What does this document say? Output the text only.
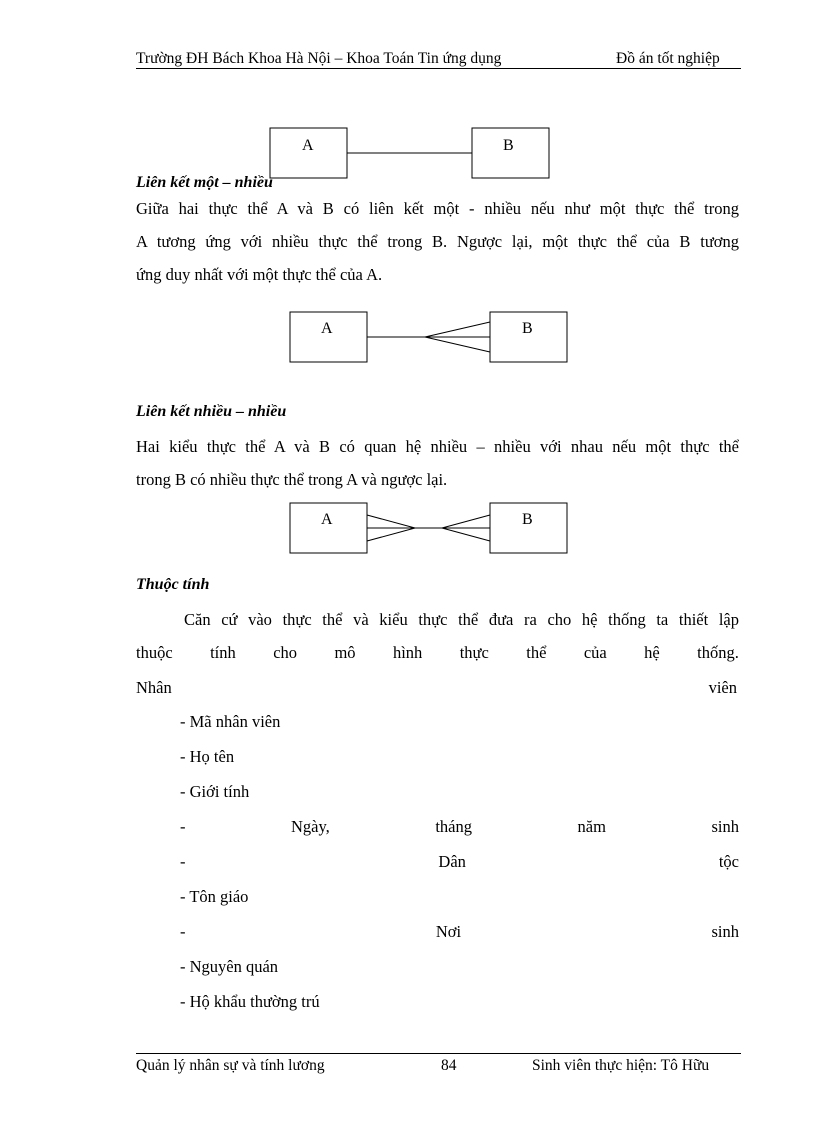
Trường ĐH Bách Khoa Hà Nội – Khoa Toán Tin ứng dụng	Đồ án tốt nghiệp
A	B
Liên kết một – nhiều
Giữa hai thực thể A và B có liên kết một - nhiều nếu như một thực thể trong
A tương ứng với nhiều thực thể trong B. Ngược lại, một thực thể của B tương
ứng duy nhất với một thực thể của A.
A	B
Liên kết nhiều – nhiều
Hai kiểu thực thể A và B có quan hệ nhiều – nhiều với nhau nếu một thực thể
trong B có nhiều thực thể trong A và ngược lại.
A	B
Thuộc tính
Căn cứ vào thực thể và kiểu thực thể đưa ra cho hệ thống ta thiết lập
thuộc tính cho mô hình thực thể của hệ thống.
Nhân	viên
- Mã nhân viên
- Họ tên
- Giới tính
-	Ngày,	tháng	năm	sinh
-	Dân	tộc
- Tôn giáo
-	Nơi	sinh
- Nguyên quán
- Hộ khẩu thường trú
Quản lý nhân sự và tính lương	84	Sinh viên thực hiện: Tô Hữu
